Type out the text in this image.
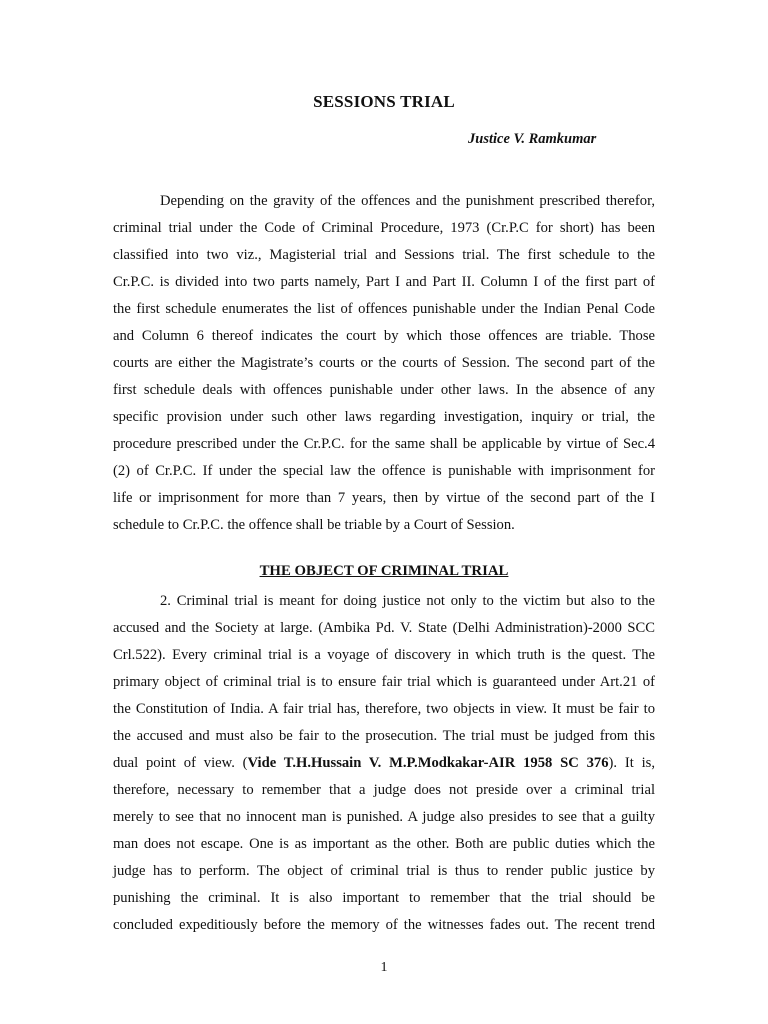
SESSIONS TRIAL
Justice V. Ramkumar
Depending on the gravity of the offences and the punishment prescribed therefor,
criminal trial under the Code of Criminal Procedure, 1973 (Cr.P.C for short) has been
classified into two viz., Magisterial trial and Sessions trial. The first schedule to the
Cr.P.C. is divided into two parts namely, Part I and Part II. Column I of the first part of
the first schedule enumerates the list of offences punishable under the Indian Penal Code
and Column 6 thereof indicates the court by which those offences are triable. Those
courts are either the Magistrate’s courts or the courts of Session. The second part of the
first schedule deals with offences punishable under other laws. In the absence of any
specific provision under such other laws regarding investigation, inquiry or trial, the
procedure prescribed under the Cr.P.C. for the same shall be applicable by virtue of Sec.4
(2) of Cr.P.C. If under the special law the offence is punishable with imprisonment for
life or imprisonment for more than 7 years, then by virtue of the second part of the I
schedule to Cr.P.C. the offence shall be triable by a Court of Session.
THE OBJECT OF CRIMINAL TRIAL
2. Criminal trial is meant for doing justice not only to the victim but also to the
accused and the Society at large. (Ambika Pd. V. State (Delhi Administration)-2000 SCC
Crl.522). Every criminal trial is a voyage of discovery in which truth is the quest. The
primary object of criminal trial is to ensure fair trial which is guaranteed under Art.21 of
the Constitution of India. A fair trial has, therefore, two objects in view. It must be fair to
the accused and must also be fair to the prosecution. The trial must be judged from this
dual point of view. (Vide T.H.Hussain V. M.P.Modkakar-AIR 1958 SC 376). It is,
therefore, necessary to remember that a judge does not preside over a criminal trial
merely to see that no innocent man is punished. A judge also presides to see that a guilty
man does not escape. One is as important as the other. Both are public duties which the
judge has to perform. The object of criminal trial is thus to render public justice by
punishing the criminal. It is also important to remember that the trial should be
concluded expeditiously before the memory of the witnesses fades out. The recent trend
1
